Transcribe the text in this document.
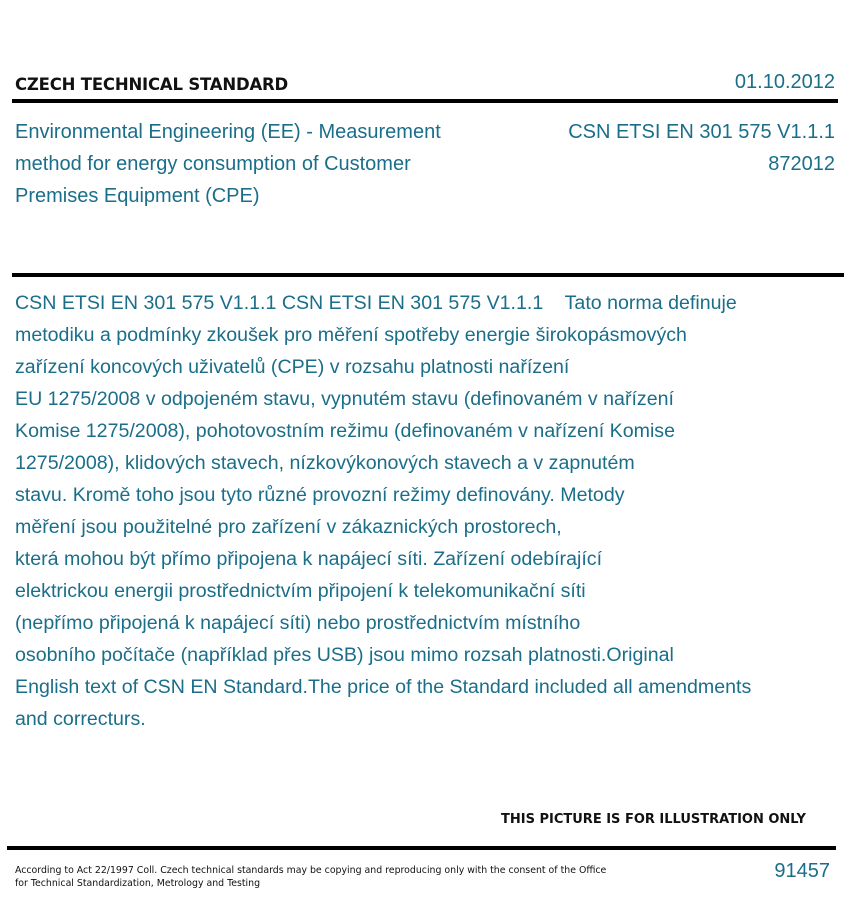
CZECH TECHNICAL STANDARD	01.10.2012
Environmental Engineering (EE) - Measurement
method for energy consumption of Customer
Premises Equipment (CPE)
CSN ETSI EN 301 575 V1.1.1
872012
CSN ETSI EN 301 575 V1.1.1 CSN ETSI EN 301 575 V1.1.1    Tato norma definuje
metodiku a podmínky zkoušek pro měření spotřeby energie širokopásmových
zařízení koncových uživatelů (CPE) v rozsahu platnosti nařízení
EU 1275/2008 v odpojeném stavu, vypnutém stavu (definovaném v nařízení
Komise 1275/2008), pohotovostním režimu (definovaném v nařízení Komise
1275/2008), klidových stavech, nízkovýkonových stavech a v zapnutém
stavu. Kromě toho jsou tyto různé provozní režimy definovány. Metody
měření jsou použitelné pro zařízení v zákaznických prostorech,
která mohou být přímo připojena k napájecí síti. Zařízení odebírající
elektrickou energii prostřednictvím připojení k telekomunikační síti
(nepřímo připojená k napájecí síti) nebo prostřednictvím místního
osobního počítače (například přes USB) jsou mimo rozsah platnosti.Original
English text of CSN EN Standard.The price of the Standard included all amendments
and correcturs.
THIS PICTURE IS FOR ILLUSTRATION ONLY
According to Act 22/1997 Coll. Czech technical standards may be copying and reproducing only with the consent of the Office
for Technical Standardization, Metrology and Testing
91457
